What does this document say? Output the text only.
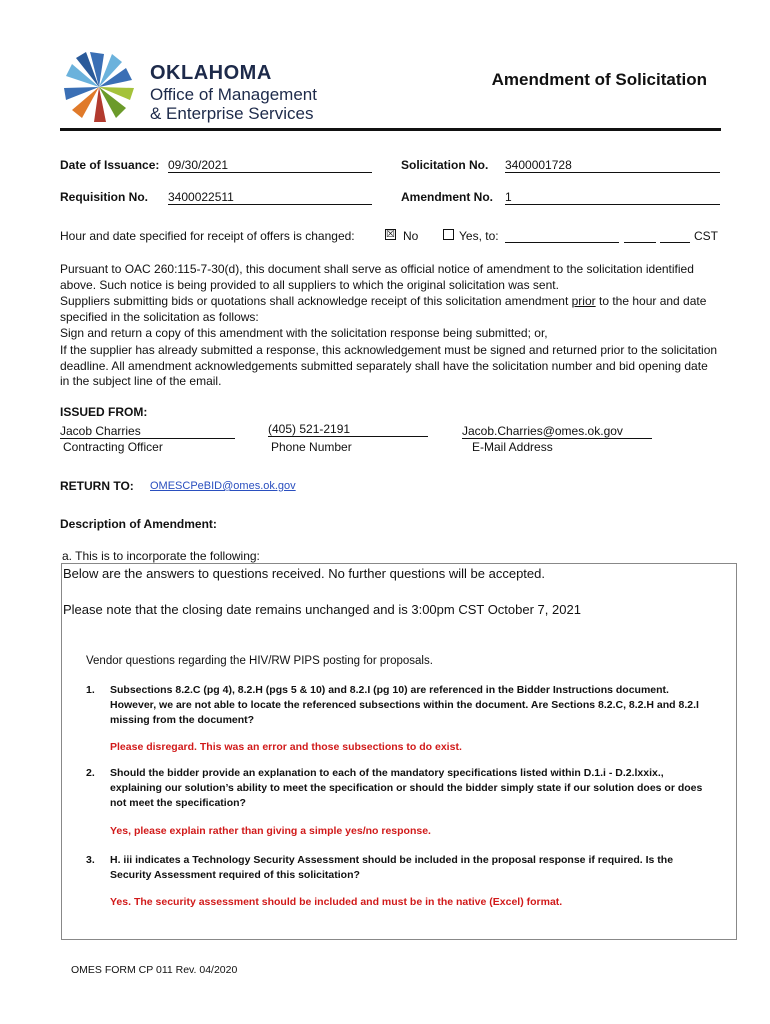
OKLAHOMA
Office of Management
& Enterprise Services
Amendment of Solicitation
Date of Issuance: 09/30/2021	Solicitation No. 3400001728
Requisition No. 3400022511	Amendment No. 1
Hour and date specified for receipt of offers is changed:	☒ No	Yes, to:	CST
Pursuant to OAC 260:115-7-30(d), this document shall serve as official notice of amendment to the solicitation identified above. Such notice is being provided to all suppliers to which the original solicitation was sent.
Suppliers submitting bids or quotations shall acknowledge receipt of this solicitation amendment prior to the hour and date specified in the solicitation as follows:
Sign and return a copy of this amendment with the solicitation response being submitted; or,
If the supplier has already submitted a response, this acknowledgement must be signed and returned prior to the solicitation deadline. All amendment acknowledgements submitted separately shall have the solicitation number and bid opening date in the subject line of the email.
ISSUED FROM:
Jacob Charries
Contracting Officer
(405) 521-2191
Phone Number
Jacob.Charries@omes.ok.gov
E-Mail Address
RETURN TO: OMESCPeBID@omes.ok.gov
Description of Amendment:
a. This is to incorporate the following:
Below are the answers to questions received. No further questions will be accepted.
Please note that the closing date remains unchanged and is 3:00pm CST October 7, 2021
Vendor questions regarding the HIV/RW PIPS posting for proposals.
1. Subsections 8.2.C (pg 4), 8.2.H (pgs 5 & 10) and 8.2.I (pg 10) are referenced in the Bidder Instructions document. However, we are not able to locate the referenced subsections within the document. Are Sections 8.2.C, 8.2.H and 8.2.I missing from the document?
Please disregard. This was an error and those subsections to do exist.
2. Should the bidder provide an explanation to each of the mandatory specifications listed within D.1.i - D.2.lxxix., explaining our solution’s ability to meet the specification or should the bidder simply state if our solution does or does not meet the specification?
Yes, please explain rather than giving a simple yes/no response.
3. H. iii indicates a Technology Security Assessment should be included in the proposal response if required. Is the Security Assessment required of this solicitation?
Yes. The security assessment should be included and must be in the native (Excel) format.
OMES FORM CP 011 Rev. 04/2020
